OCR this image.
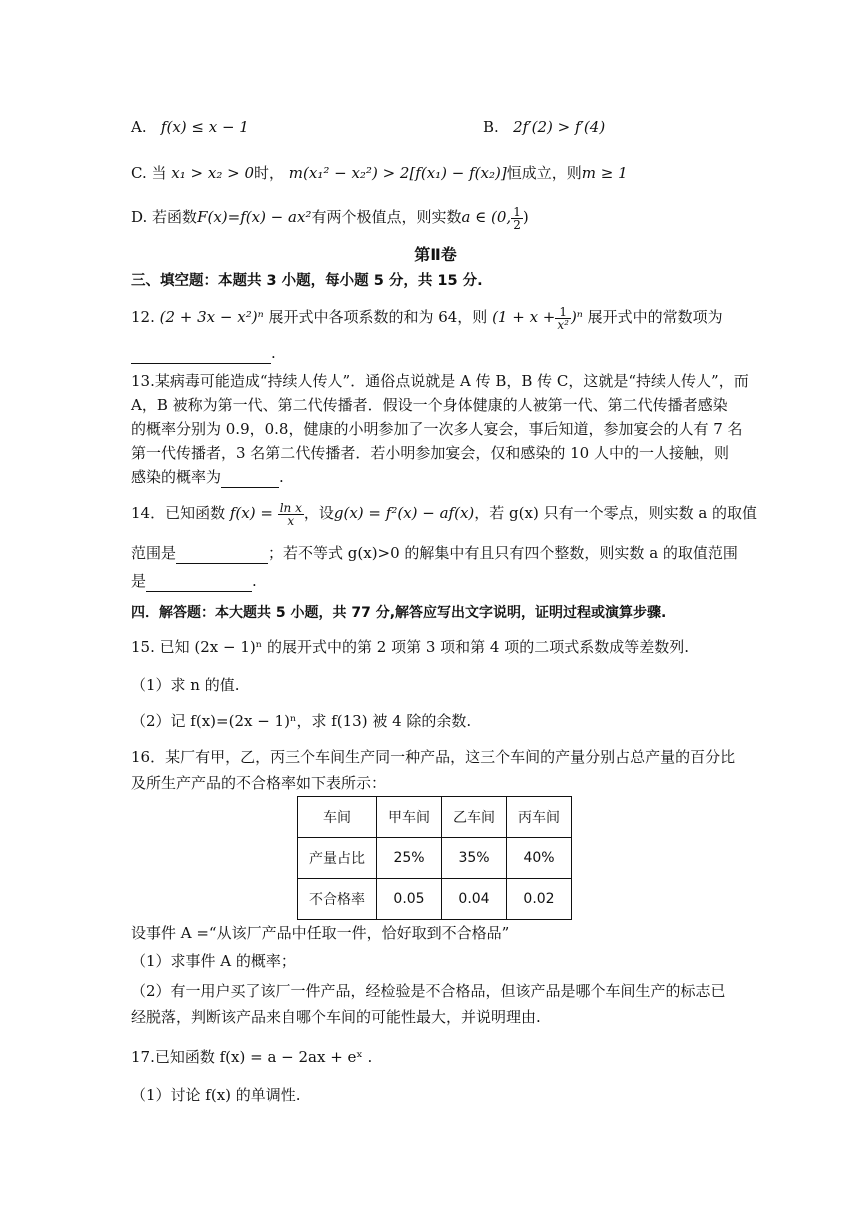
A. f(x) ≤ x − 1	B. 2f′(2) > f′(4)
C. 当 x₁ > x₂ > 0时， m(x₁² − x₂²) > 2[f(x₁) − f(x₂)]恒成立，则m ≥ 1
D. 若函数F(x)=f(x) − ax²有两个极值点，则实数a ∈ (0, $\frac{1}{2}$ )
第Ⅱ卷
三、填空题：本题共 3 小题，每小题 5 分，共 15 分.
12. (2 + 3x − x²)ⁿ 展开式中各项系数的和为 64，则 $(1 + x + \frac{1}{\text{x²}} )^n$ 展开式中的常数项为
.
13.某病毒可能造成“持续人传人”．通俗点说就是 A 传 B，B 传 C，这就是“持续人传人”，而
A，B 被称为第一代、第二代传播者．假设一个身体健康的人被第一代、第二代传播者感染
的概率分别为 0.9，0.8，健康的小明参加了一次多人宴会，事后知道，参加宴会的人有 7 名
第一代传播者，3 名第二代传播者．若小明参加宴会，仅和感染的 10 人中的一人接触，则
感染的概率为	.
14．已知函数 $f(x) = \frac{\text{ln x}}{x}$ ，设g(x) = f²(x) − af(x)，若 g(x) 只有一个零点，则实数 a 的取值
范围是	；若不等式 g(x)>0 的解集中有且只有四个整数，则实数 a 的取值范围
是	.
四．解答题：本大题共 5 小题，共 77 分,解答应写出文字说明，证明过程或演算步骤.
15. 已知 (2x − 1)ⁿ 的展开式中的第 2 项第 3 项和第 4 项的二项式系数成等差数列.
（1）求 n 的值.
（2）记 f(x)=(2x − 1)ⁿ，求 f(13) 被 4 除的余数.
16．某厂有甲，乙，丙三个车间生产同一种产品，这三个车间的产量分别占总产量的百分比
及所生产产品的不合格率如下表所示：
车间	甲车间	乙车间	丙车间
产量占比	25%	35%	40%
不合格率	0.05	0.04	0.02
设事件 A =“从该厂产品中任取一件，恰好取到不合格品”
（1）求事件 A 的概率；
（2）有一用户买了该厂一件产品，经检验是不合格品，但该产品是哪个车间生产的标志已
经脱落，判断该产品来自哪个车间的可能性最大，并说明理由.
17.已知函数 f(x) = a − 2ax + eˣ .
（1）讨论 f(x) 的单调性.
